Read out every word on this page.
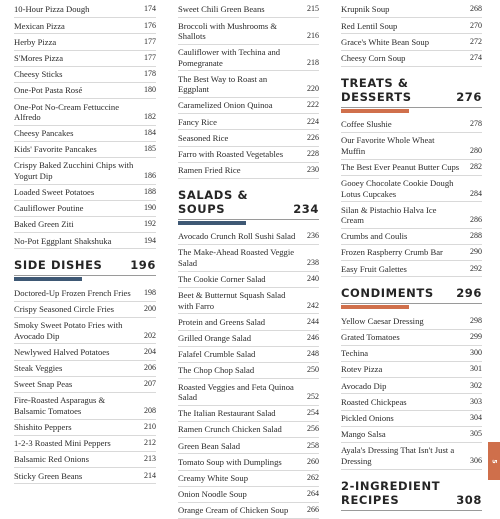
10-Hour Pizza Dough	174
Mexican Pizza	176
Herby Pizza	177
S'Mores Pizza	177
Cheesy Sticks	178
One-Pot Pasta Rosé	180
One-Pot No-Cream Fettuccine Alfredo	182
Cheesy Pancakes	184
Kids' Favorite Pancakes	185
Crispy Baked Zucchini Chips with Yogurt Dip	186
Loaded Sweet Potatoes	188
Cauliflower Poutine	190
Baked Green Ziti	192
No-Pot Eggplant Shakshuka	194
SIDE DISHES 196
Doctored-Up Frozen French Fries	198
Crispy Seasoned Circle Fries	200
Smoky Sweet Potato Fries with Avocado Dip	202
Newlywed Halved Potatoes	204
Steak Veggies	206
Sweet Snap Peas	207
Fire-Roasted Asparagus & Balsamic Tomatoes	208
Shishito Peppers	210
1-2-3 Roasted Mini Peppers	212
Balsamic Red Onions	213
Sticky Green Beans	214
Sweet Chili Green Beans	215
Broccoli with Mushrooms & Shallots	216
Cauliflower with Techina and Pomegranate	218
The Best Way to Roast an Eggplant	220
Caramelized Onion Quinoa	222
Fancy Rice	224
Seasoned Rice	226
Farro with Roasted Vegetables	228
Ramen Fried Rice	230
SALADS & SOUPS	234
Avocado Crunch Roll Sushi Salad	236
The Make-Ahead Roasted Veggie Salad	238
The Cookie Corner Salad	240
Beet & Butternut Squash Salad with Farro	242
Protein and Greens Salad	244
Grilled Orange Salad	246
Falafel Crumble Salad	248
The Chop Chop Salad	250
Roasted Veggies and Feta Quinoa Salad	252
The Italian Restaurant Salad	254
Ramen Crunch Chicken Salad	256
Green Bean Salad	258
Tomato Soup with Dumplings	260
Creamy White Soup	262
Onion Noodle Soup	264
Orange Cream of Chicken Soup	266
Krupnik Soup	268
Red Lentil Soup	270
Grace's White Bean Soup	272
Cheesy Corn Soup	274
TREATS & DESSERTS	276
Coffee Slushie	278
Our Favorite Whole Wheat Muffin	280
The Best Ever Peanut Butter Cups	282
Gooey Chocolate Cookie Dough Lotus Cupcakes	284
Silan & Pistachio Halva Ice Cream	286
Crumbs and Coulis	288
Frozen Raspberry Crumb Bar	290
Easy Fruit Galettes	292
CONDIMENTS 296
Yellow Caesar Dressing	298
Grated Tomatoes	299
Techina	300
Rotev Pizza	301
Avocado Dip	302
Roasted Chickpeas	303
Pickled Onions	304
Mango Salsa	305
Ayala's Dressing That Isn't Just a Dressing	306
2-INGREDIENT RECIPES	308
5
